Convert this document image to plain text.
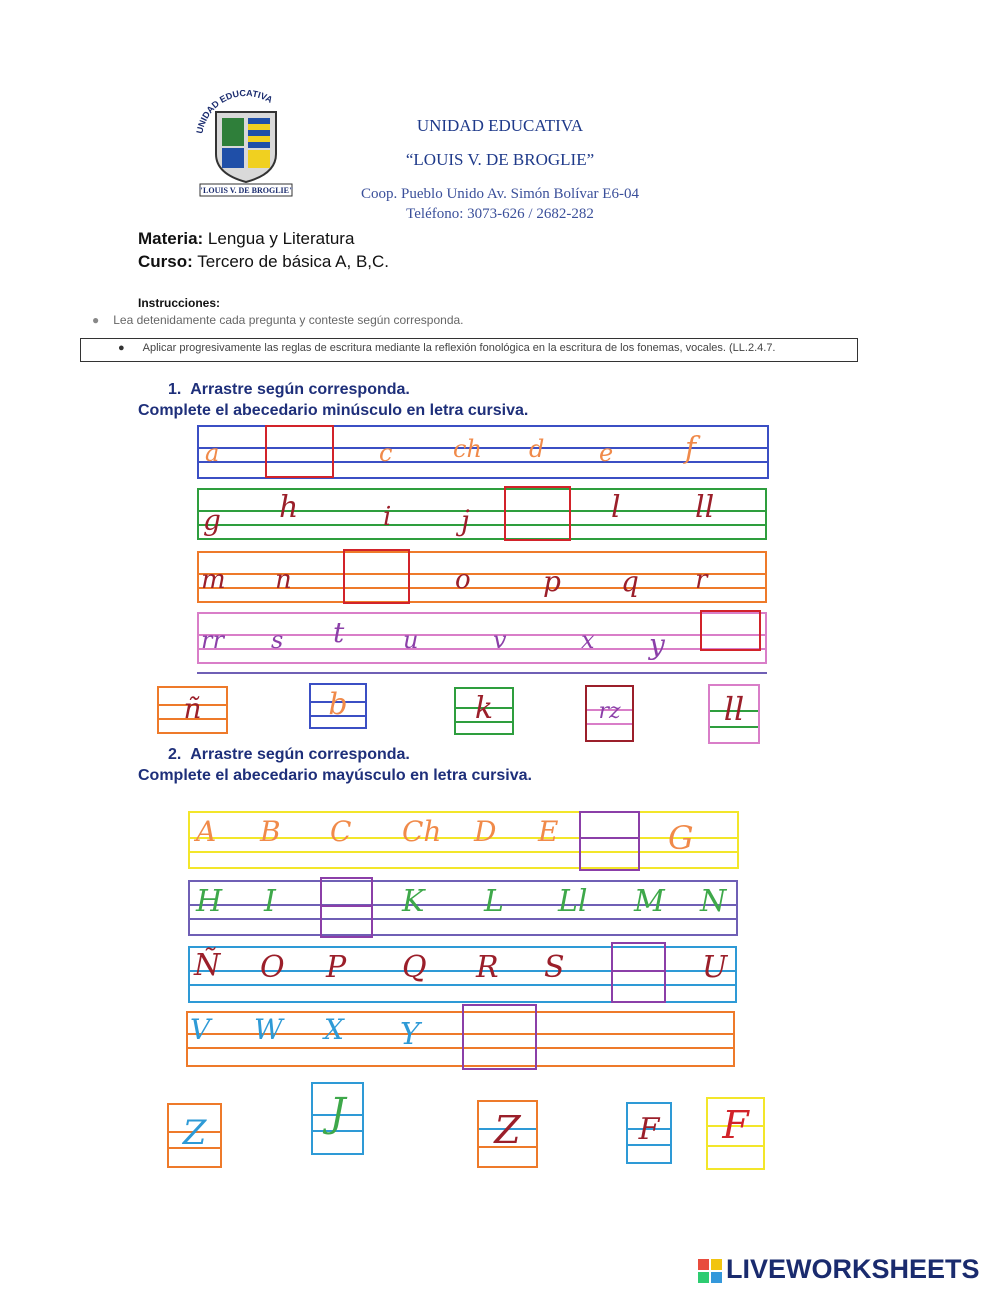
UNIDAD EDUCATIVA
"LOUIS V. DE BROGLIE"
UNIDAD EDUCATIVA
“LOUIS V. DE BROGLIE”
Coop. Pueblo Unido Av. Simón Bolívar E6-04
Teléfono: 3073-626 / 2682-282
Materia: Lengua y Literatura
Curso: Tercero de básica A, B,C.
Instrucciones:
● Lea detenidamente cada pregunta y conteste según corresponda.
● Aplicar progresivamente las reglas de escritura mediante la reflexión fonológica en la escritura de los fonemas, vocales. (LL.2.4.7.
1. Arrastre según corresponda.
Complete el abecedario minúsculo en letra cursiva.
a	c	ch d e f
g h	i j	l ll
m n	o	p q r
rr s t u	v	x y
ñ	b	k	rz	ll
2. Arrastre según corresponda.
Complete el abecedario mayúsculo en letra cursiva.
A B C Ch D E	G
H I	K L Ll M N
Ñ O P Q R S	U
V W X Y
Z	J	Z	F	F
LIVEWORKSHEETS
